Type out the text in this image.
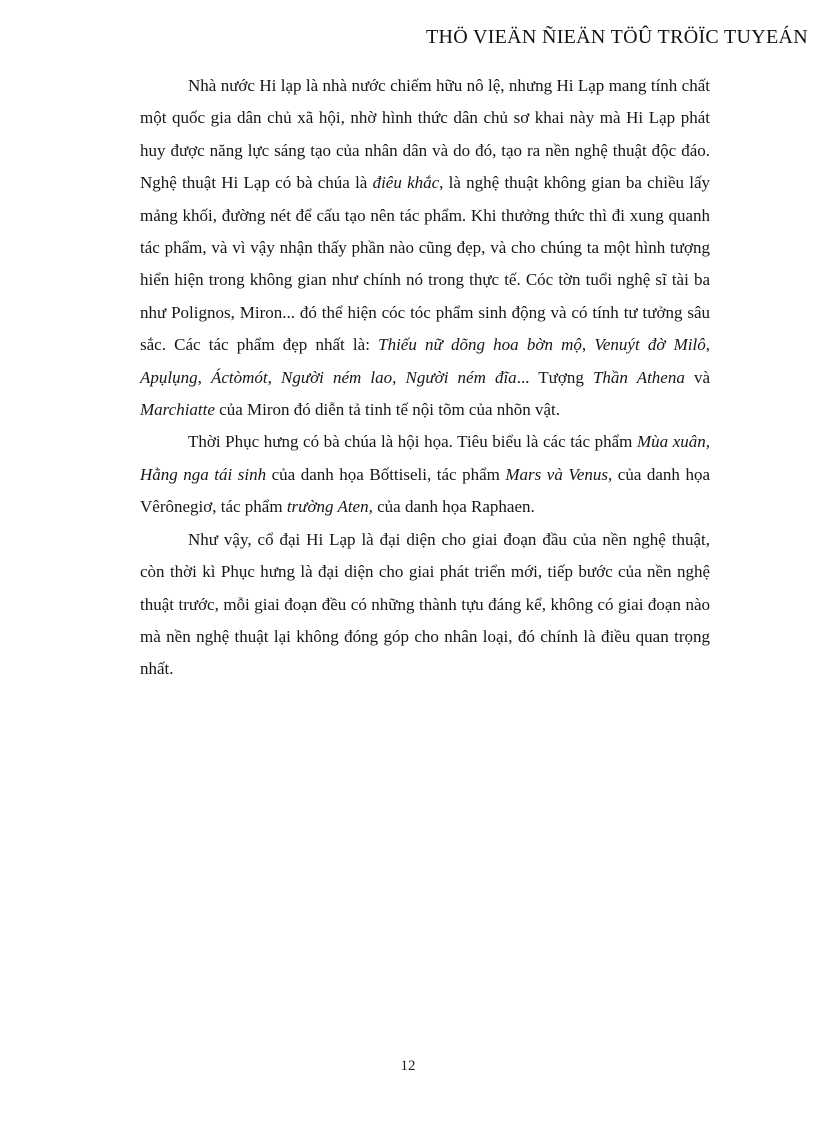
THÖ VIEÄN ÑIEÄN TÖÛ TRÖÏC TUYEÁN

Nhà nước Hi lạp là nhà nước chiếm hữu nô lệ, nhưng Hi Lạp mang tính chất một quốc gia dân chủ xã hội, nhờ hình thức dân chủ sơ khai này mà Hi Lạp phát huy được năng lực sáng tạo của nhân dân và do đó, tạo ra nền nghệ thuật độc đáo. Nghệ thuật Hi Lạp có bà chúa là điêu khắc, là nghệ thuật không gian ba chiều lấy mảng khối, đường nét để cấu tạo nên tác phẩm. Khi thưởng thức thì đi xung quanh tác phẩm, và vì vậy nhận thấy phần nào cũng đẹp, và cho chúng ta một hình tượng hiển hiện trong không gian như chính nó trong thực tế. Cóc tờn tuổi nghệ sĩ tài ba như Polignos, Miron... đó thể hiện cóc tóc phẩm sinh động và có tính tư tưởng sâu sắc. Các tác phẩm đẹp nhất là: Thiếu nữ dõng hoa bờn mộ, Venuýt đờ Milô, Apụlụng, Áctòmót, Người ném lao, Người ném đĩa... Tượng Thần Athena và Marchiatte của Miron đó diễn tả tinh tế nội tõm của nhõn vật.

Thời Phục hưng có bà chúa là hội họa. Tiêu biểu là các tác phẩm Mùa xuân, Hằng nga tái sinh của danh họa Bốttiseli, tác phẩm Mars và Venus, của danh họa Vêrônegiơ, tác phẩm trường Aten, của danh họa Raphaen.

Như vậy, cổ đại Hi Lạp là đại diện cho giai đoạn đầu của nền nghệ thuật, còn thời kì Phục hưng là đại diện cho giai phát triển mới, tiếp bước của nền nghệ thuật trước, mỗi giai đoạn đều có những thành tựu đáng kể, không có giai đoạn nào mà nền nghệ thuật lại không đóng góp cho nhân loại, đó chính là điều quan trọng nhất.

12
